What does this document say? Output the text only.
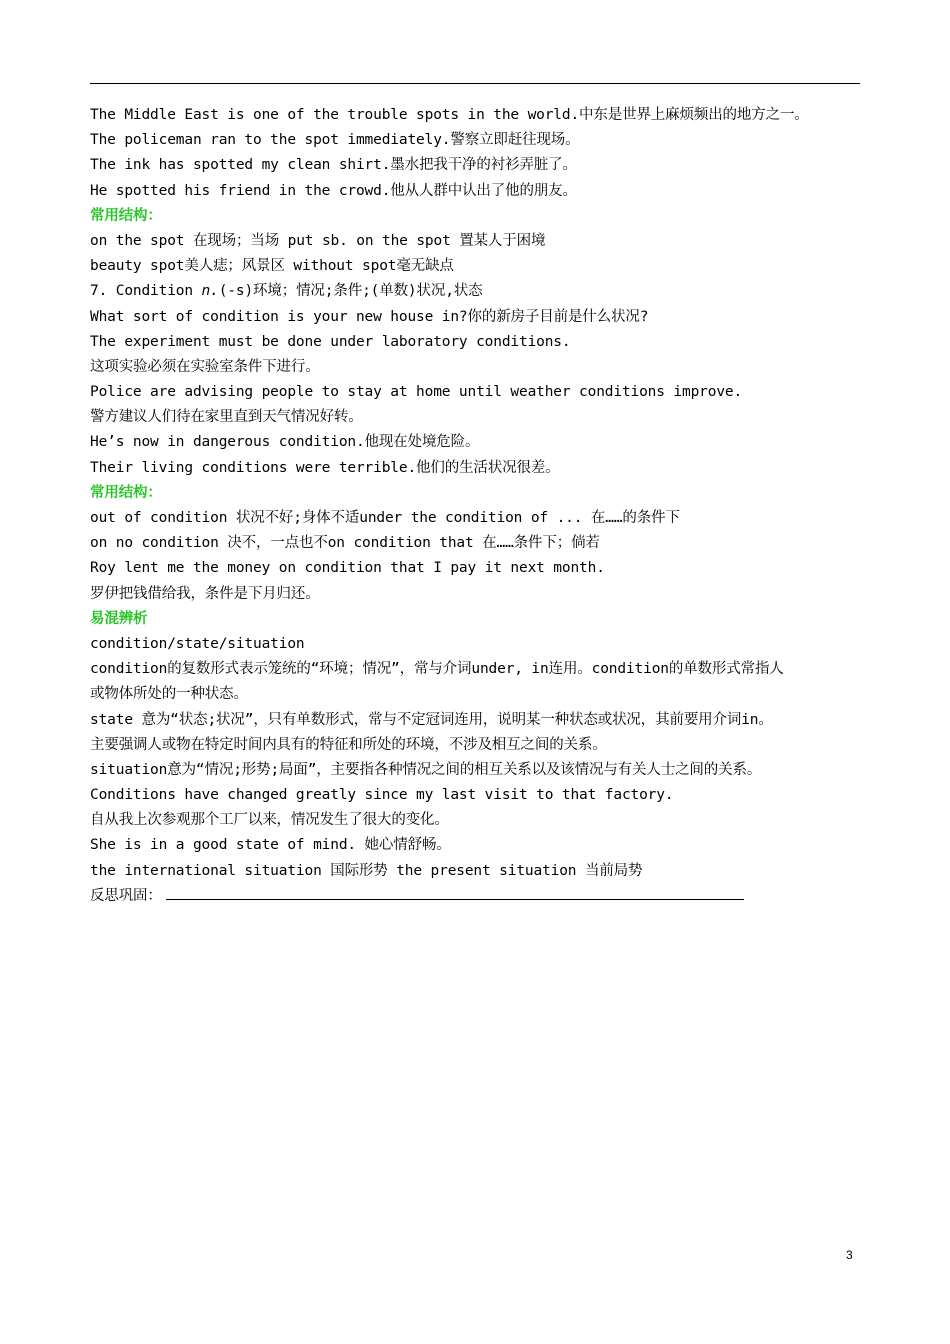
The Middle East is one of the trouble spots in the world.中东是世界上麻烦频出的地方之一。
The policeman ran to the spot immediately.警察立即赶往现场。
The ink has spotted my clean shirt.墨水把我干净的衬衫弄脏了。
He spotted his friend in the crowd.他从人群中认出了他的朋友。
常用结构：
on the spot 在现场；当场 put sb. on the spot 置某人于困境
beauty spot美人痣；风景区 without spot毫无缺点
7. Condition n.(-s)环境；情况;条件;(单数)状况,状态
What sort of condition is your new house in?你的新房子目前是什么状况?
The experiment must be done under laboratory conditions.
这项实验必须在实验室条件下进行。
Police are advising people to stay at home until weather conditions improve.
警方建议人们待在家里直到天气情况好转。
He’s now in dangerous condition.他现在处境危险。
Their living conditions were terrible.他们的生活状况很差。
常用结构：
out of condition 状况不好;身体不适under the condition of ... 在……的条件下
on no condition 决不，一点也不on condition that 在……条件下；倘若
Roy lent me the money on condition that I pay it next month.
罗伊把钱借给我，条件是下月归还。
易混辨析
condition/state/situation
condition的复数形式表示笼统的“环境；情况”，常与介词under, in连用。condition的单数形式常指人
或物体所处的一种状态。
state 意为“状态;状况”，只有单数形式，常与不定冠词连用，说明某一种状态或状况，其前要用介词in。
主要强调人或物在特定时间内具有的特征和所处的环境，不涉及相互之间的关系。
situation意为“情况;形势;局面”，主要指各种情况之间的相互关系以及该情况与有关人士之间的关系。
Conditions have changed greatly since my last visit to that factory.
自从我上次参观那个工厂以来，情况发生了很大的变化。
She is in a good state of mind. 她心情舒畅。
the international situation 国际形势 the present situation 当前局势
反思巩固：
3
